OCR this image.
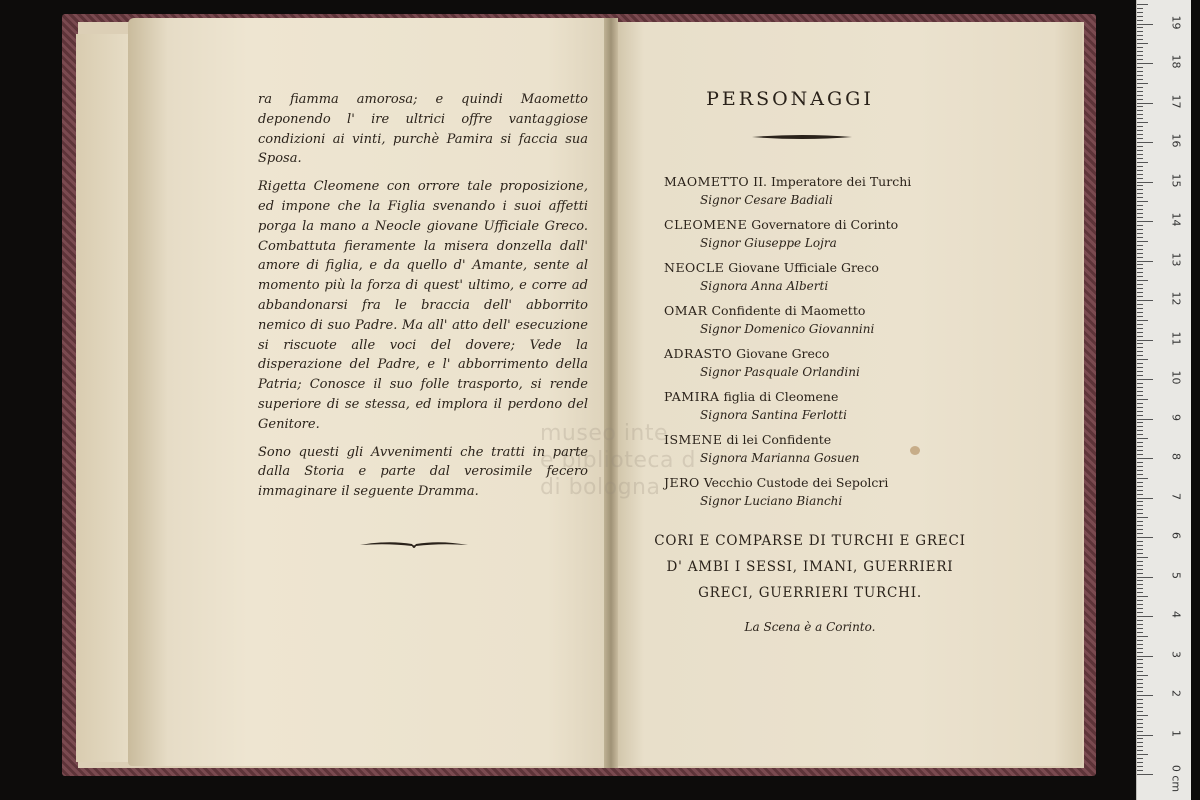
museo inte
e biblioteca d
di bologna

ra fiamma amorosa; e quindi Maometto deponendo l' ire ultrici offre vantaggiose condizioni ai vinti, purchè Pamira si faccia sua Sposa.

Rigetta Cleomene con orrore tale proposizione, ed impone che la Figlia svenando i suoi affetti porga la mano a Neocle giovane Ufficiale Greco. Combattuta fieramente la misera donzella dall' amore di figlia, e da quello d' Amante, sente al momento più la forza di quest' ultimo, e corre ad abbandonarsi fra le braccia dell' abborrito nemico di suo Padre. Ma all' atto dell' esecuzione si riscuote alle voci del dovere; Vede la disperazione del Padre, e l' abborrimento della Patria; Conosce il suo folle trasporto, si rende superiore di se stessa, ed implora il perdono del Genitore.

Sono questi gli Avvenimenti che tratti in parte dalla Storia e parte dal verosimile fecero immaginare il seguente Dramma.

PERSONAGGI
MAOMETTO II. Imperatore dei Turchi
Signor Cesare Badiali
CLEOMENE Governatore di Corinto
Signor Giuseppe Lojra
NEOCLE Giovane Ufficiale Greco
Signora Anna Alberti
OMAR Confidente di Maometto
Signor Domenico Giovannini
ADRASTO Giovane Greco
Signor Pasquale Orlandini
PAMIRA figlia di Cleomene
Signora Santina Ferlotti
ISMENE di lei Confidente
Signora Marianna Gosuen
JERO Vecchio Custode dei Sepolcri
Signor Luciano Bianchi
CORI E COMPARSE DI TURCHI E GRECI
D' AMBI I SESSI, IMANI, GUERRIERI
GRECI, GUERRIERI TURCHI.
La Scena è a Corinto.
0 cm
1
2
3
4
5
6
7
8
9
10
11
12
13
14
15
16
17
18
19
